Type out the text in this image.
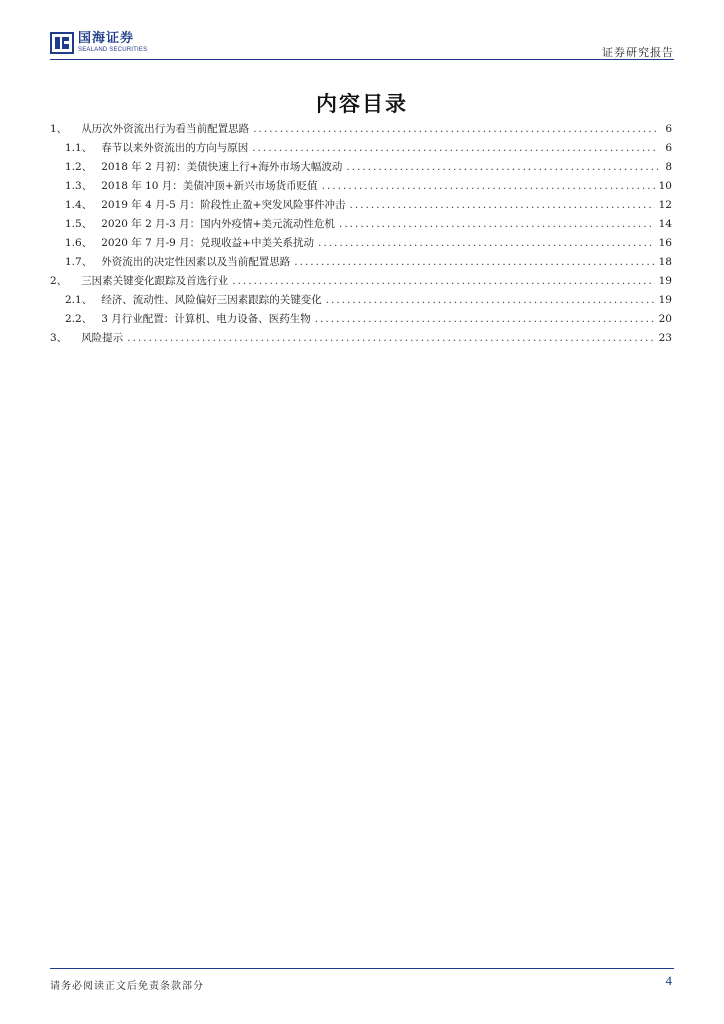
国海证券
SEALAND SECURITIES	证券研究报告
内容目录
1、 从历次外资流出行为看当前配置思路 .....	6
1.1、 春节以来外资流出的方向与原因 .....	6
1.2、 2018 年 2 月初：美债快速上行+海外市场大幅波动 .....	8
1.3、 2018 年 10 月：美债冲顶+新兴市场货币贬值 .....	10
1.4、 2019 年 4 月-5 月：阶段性止盈+突发风险事件冲击 .....	12
1.5、 2020 年 2 月-3 月：国内外疫情+美元流动性危机 .....	14
1.6、 2020 年 7 月-9 月：兑现收益+中美关系扰动 .....	16
1.7、 外资流出的决定性因素以及当前配置思路 .....	18
2、 三因素关键变化跟踪及首选行业 .....	19
2.1、 经济、流动性、风险偏好三因素跟踪的关键变化 .....	19
2.2、 3 月行业配置：计算机、电力设备、医药生物 .....	20
3、 风险提示 .....	23
请务必阅读正文后免责条款部分	4
